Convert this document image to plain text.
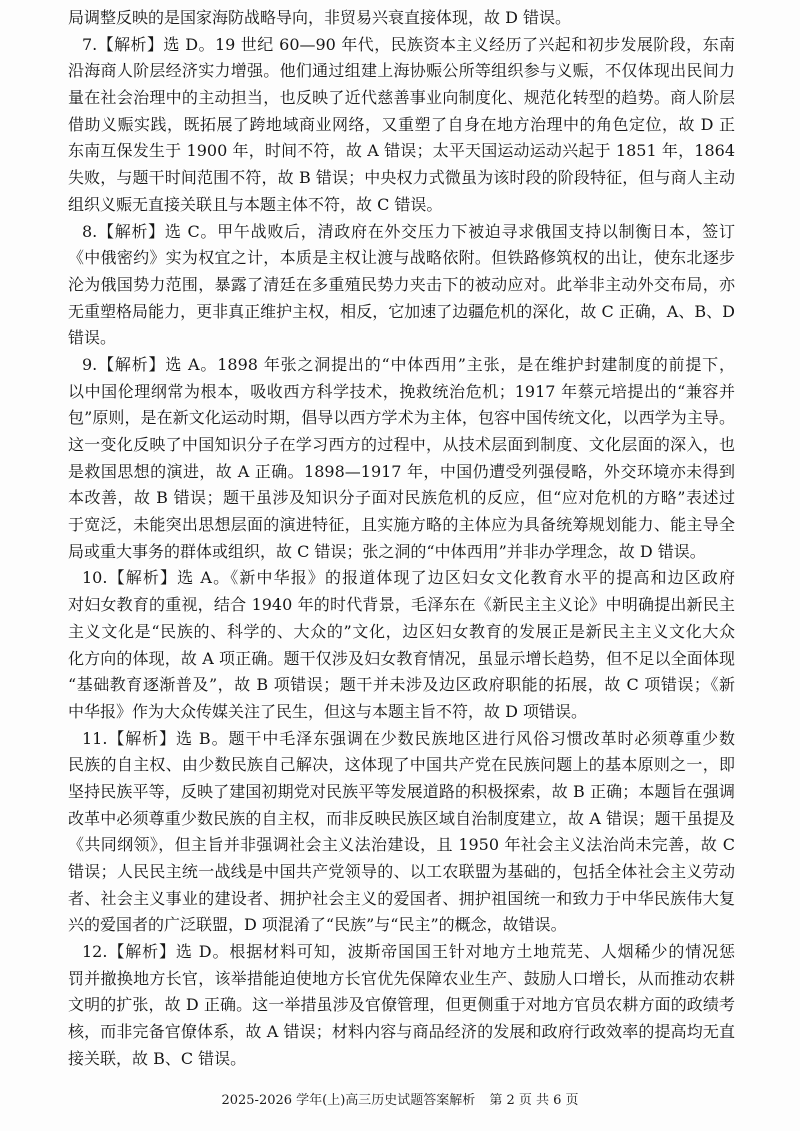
局调整反映的是国家海防战略导向，非贸易兴衰直接体现，故 D 错误。
7.【解析】选 D。19 世纪 60—90 年代，民族资本主义经历了兴起和初步发展阶段，东南
沿海商人阶层经济实力增强。他们通过组建上海协赈公所等组织参与义赈，不仅体现出民间力
量在社会治理中的主动担当，也反映了近代慈善事业向制度化、规范化转型的趋势。商人阶层
借助义赈实践，既拓展了跨地域商业网络，又重塑了自身在地方治理中的角色定位，故 D 正
东南互保发生于 1900 年，时间不符，故 A 错误；太平天国运动运动兴起于 1851 年，1864
失败，与题干时间范围不符，故 B 错误；中央权力式微虽为该时段的阶段特征，但与商人主动
组织义赈无直接关联且与本题主体不符，故 C 错误。
8.【解析】选 C。甲午战败后，清政府在外交压力下被迫寻求俄国支持以制衡日本，签订
《中俄密约》实为权宜之计，本质是主权让渡与战略依附。但铁路修筑权的出让，使东北逐步
沦为俄国势力范围，暴露了清廷在多重殖民势力夹击下的被动应对。此举非主动外交布局，亦
无重塑格局能力，更非真正维护主权，相反，它加速了边疆危机的深化，故 C 正确，A、B、D
错误。
9.【解析】选 A。1898 年张之洞提出的“中体西用”主张，是在维护封建制度的前提下，
以中国伦理纲常为根本，吸收西方科学技术，挽救统治危机；1917 年蔡元培提出的“兼容并
包”原则，是在新文化运动时期，倡导以西方学术为主体，包容中国传统文化，以西学为主导。
这一变化反映了中国知识分子在学习西方的过程中，从技术层面到制度、文化层面的深入，也
是救国思想的演进，故 A 正确。1898—1917 年，中国仍遭受列强侵略，外交环境亦未得到
本改善，故 B 错误；题干虽涉及知识分子面对民族危机的反应，但“应对危机的方略”表述过
于宽泛，未能突出思想层面的演进特征，且实施方略的主体应为具备统筹规划能力、能主导全
局或重大事务的群体或组织，故 C 错误；张之洞的“中体西用”并非办学理念，故 D 错误。
10.【解析】选 A。《新中华报》的报道体现了边区妇女文化教育水平的提高和边区政府
对妇女教育的重视，结合 1940 年的时代背景，毛泽东在《新民主主义论》中明确提出新民主
主义文化是“民族的、科学的、大众的”文化，边区妇女教育的发展正是新民主主义文化大众
化方向的体现，故 A 项正确。题干仅涉及妇女教育情况，虽显示增长趋势，但不足以全面体现
“基础教育逐渐普及”，故 B 项错误；题干并未涉及边区政府职能的拓展，故 C 项错误；《新
中华报》作为大众传媒关注了民生，但这与本题主旨不符，故 D 项错误。
11.【解析】选 B。题干中毛泽东强调在少数民族地区进行风俗习惯改革时必须尊重少数
民族的自主权、由少数民族自己解决，这体现了中国共产党在民族问题上的基本原则之一，即
坚持民族平等，反映了建国初期党对民族平等发展道路的积极探索，故 B 正确；本题旨在强调
改革中必须尊重少数民族的自主权，而非反映民族区域自治制度建立，故 A 错误；题干虽提及
《共同纲领》，但主旨并非强调社会主义法治建设，且 1950 年社会主义法治尚未完善，故 C
错误；人民民主统一战线是中国共产党领导的、以工农联盟为基础的，包括全体社会主义劳动
者、社会主义事业的建设者、拥护社会主义的爱国者、拥护祖国统一和致力于中华民族伟大复
兴的爱国者的广泛联盟，D 项混淆了“民族”与“民主”的概念，故错误。
12.【解析】选 D。根据材料可知，波斯帝国国王针对地方土地荒芜、人烟稀少的情况惩
罚并撤换地方长官，该举措能迫使地方长官优先保障农业生产、鼓励人口增长，从而推动农耕
文明的扩张，故 D 正确。这一举措虽涉及官僚管理，但更侧重于对地方官员农耕方面的政绩考
核，而非完备官僚体系，故 A 错误；材料内容与商品经济的发展和政府行政效率的提高均无直
接关联，故 B、C 错误。
2025-2026 学年(上)高三历史试题答案解析 第 2 页 共 6 页
